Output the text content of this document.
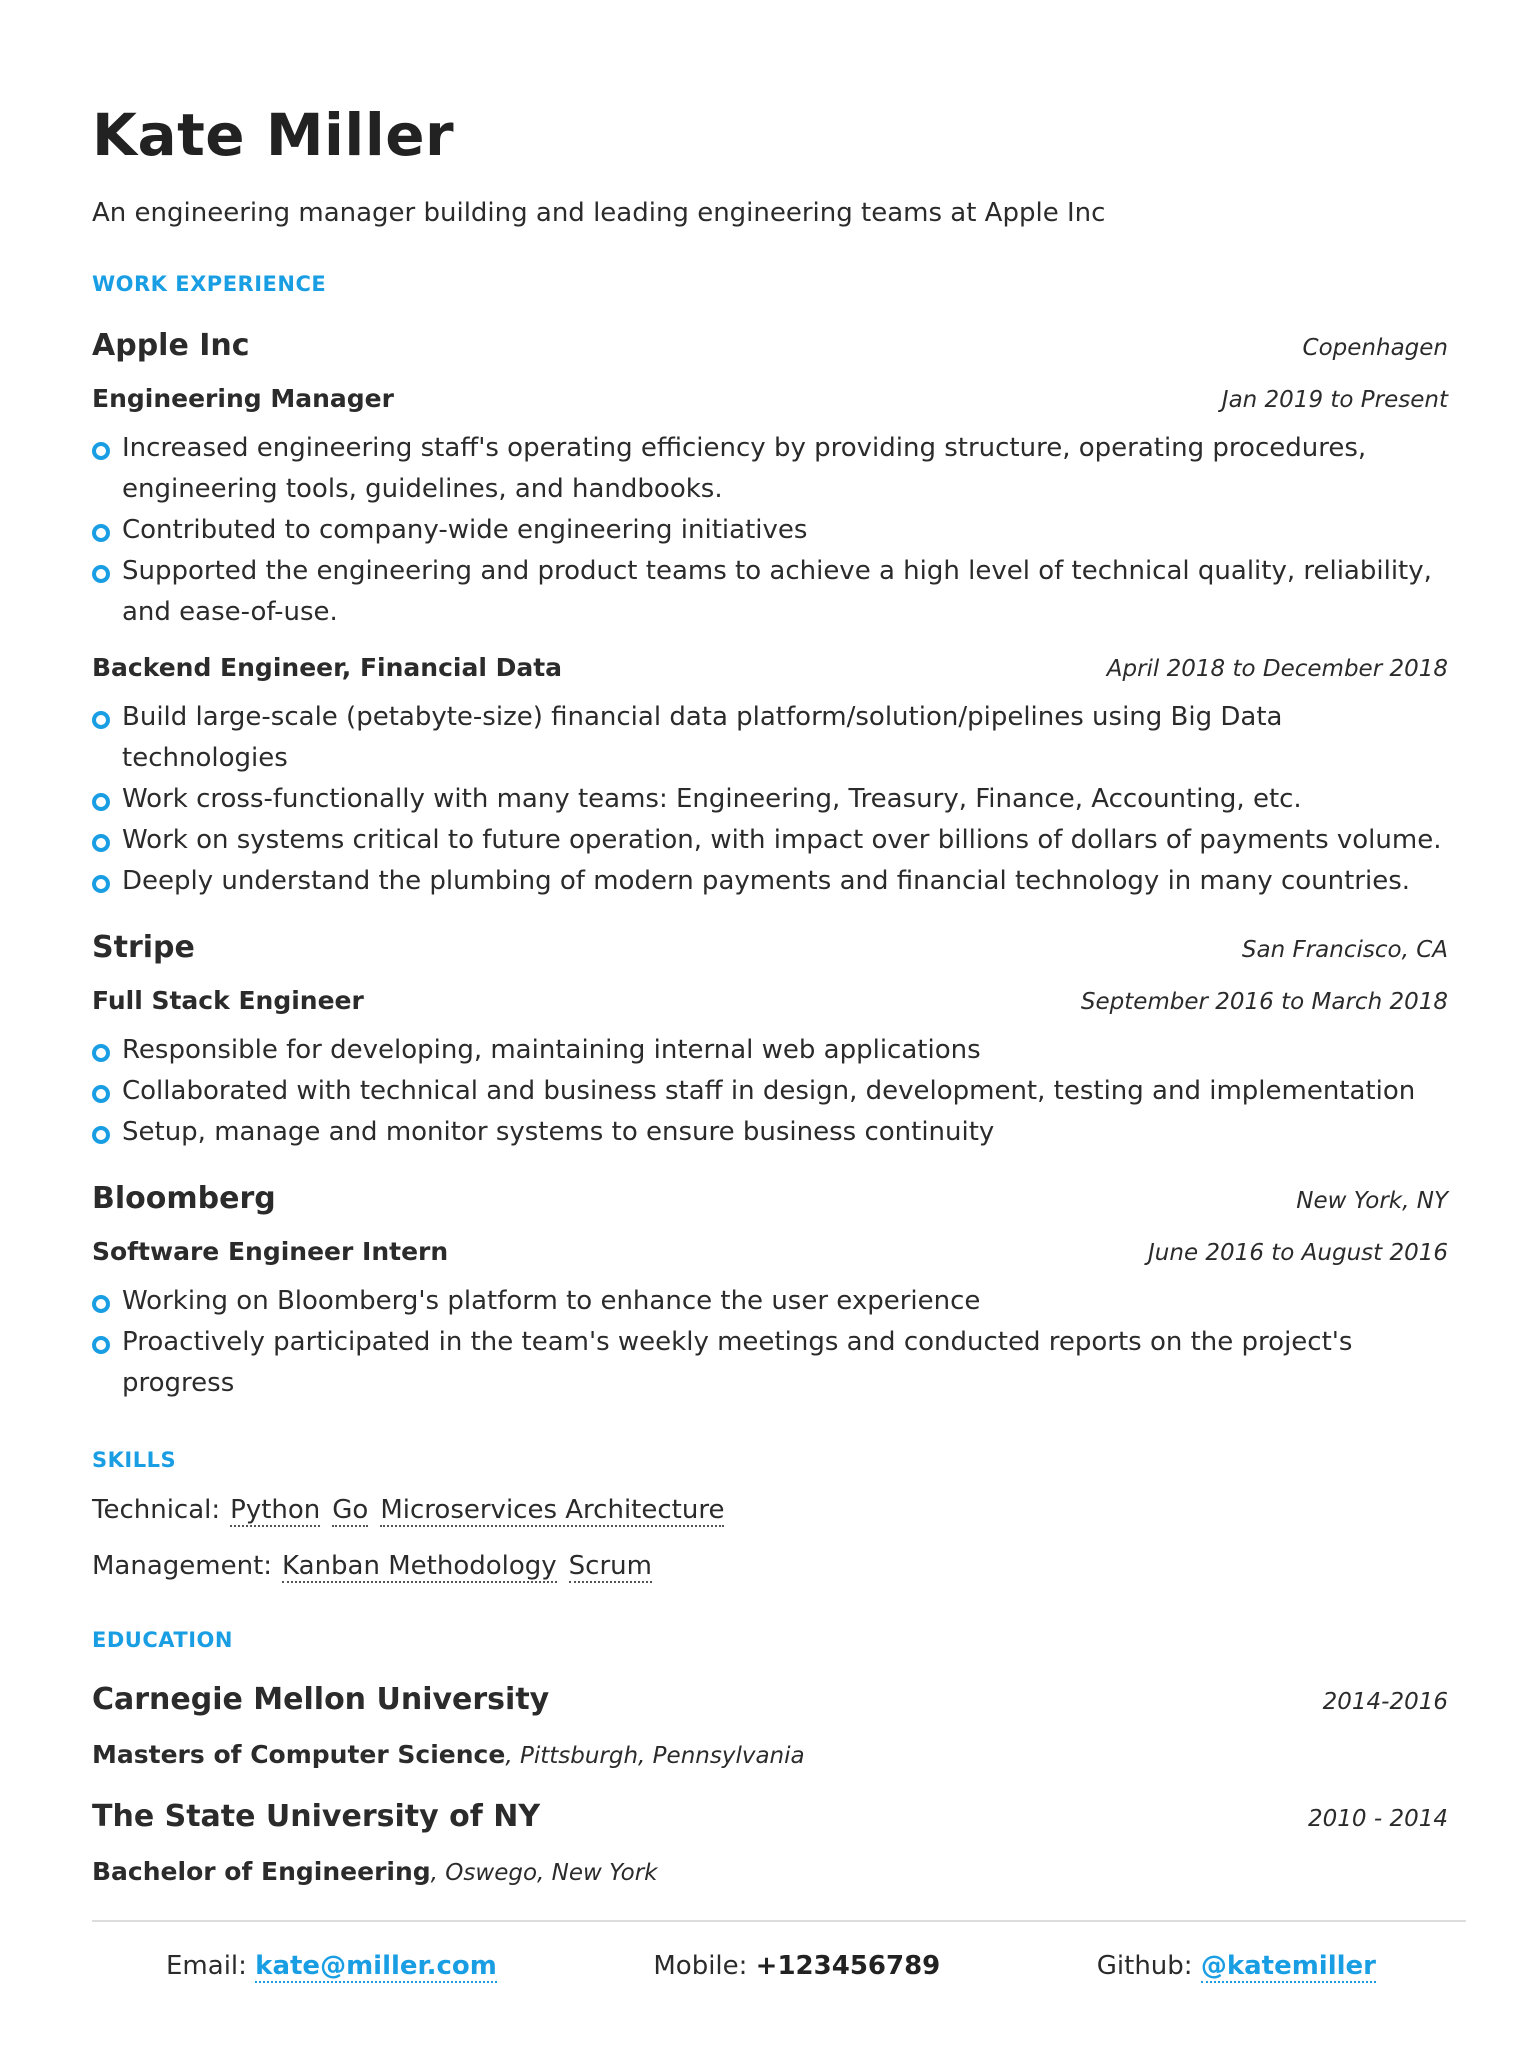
Kate Miller
An engineering manager building and leading engineering teams at Apple Inc
WORK EXPERIENCE
Apple Inc	Copenhagen
Engineering Manager	Jan 2019 to Present
Increased engineering staff's operating efficiency by providing structure, operating procedures, engineering tools, guidelines, and handbooks.
Contributed to company-wide engineering initiatives
Supported the engineering and product teams to achieve a high level of technical quality, reliability, and ease-of-use.
Backend Engineer, Financial Data	April 2018 to December 2018
Build large-scale (petabyte-size) financial data platform/solution/pipelines using Big Data technologies
Work cross-functionally with many teams: Engineering, Treasury, Finance, Accounting, etc.
Work on systems critical to future operation, with impact over billions of dollars of payments volume.
Deeply understand the plumbing of modern payments and financial technology in many countries.
Stripe	San Francisco, CA
Full Stack Engineer	September 2016 to March 2018
Responsible for developing, maintaining internal web applications
Collaborated with technical and business staff in design, development, testing and implementation
Setup, manage and monitor systems to ensure business continuity
Bloomberg	New York, NY
Software Engineer Intern	June 2016 to August 2016
Working on Bloomberg's platform to enhance the user experience
Proactively participated in the team's weekly meetings and conducted reports on the project's progress
SKILLS
Technical: Python Go Microservices Architecture
Management: Kanban Methodology Scrum
EDUCATION
Carnegie Mellon University	2014-2016
Masters of Computer Science, Pittsburgh, Pennsylvania
The State University of NY	2010 - 2014
Bachelor of Engineering, Oswego, New York
Email: kate@miller.com	Mobile: +123456789	Github: @katemiller
